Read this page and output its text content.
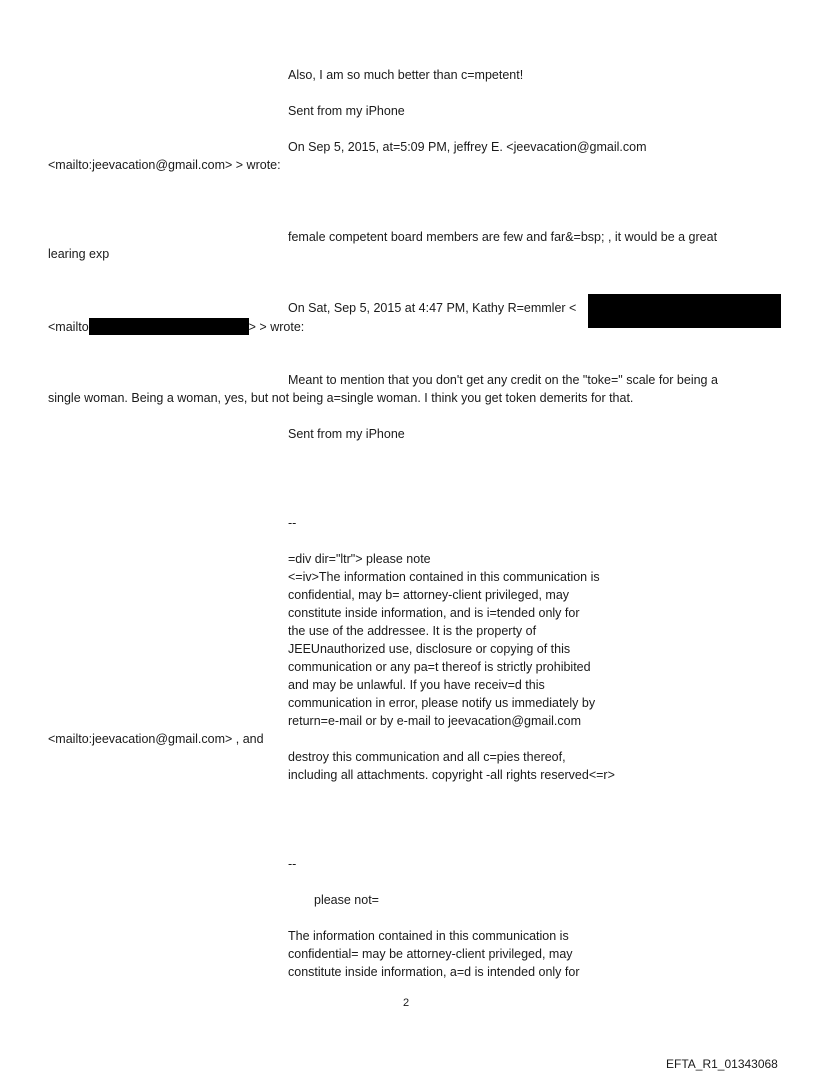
Also, I am so much better than c=mpetent!
Sent from my iPhone
On Sep 5, 2015, at=5:09 PM, jeffrey E. <jeevacation@gmail.com
<mailto:jeevacation@gmail.com> > wrote:
female competent board members are few and far&=bsp; , it would be a great
learing exp
On Sat, Sep 5, 2015 at 4:47 PM, Kathy R=emmler <
<mailto	> > wrote:
Meant to mention that you don't get any credit on the "toke=" scale for being a
single woman. Being a woman, yes, but not being a=single woman. I think you get token demerits for that.
Sent from my iPhone
--
=div dir="ltr"> please note
<=iv>The information contained in this communication is
confidential, may b= attorney-client privileged, may
constitute inside information, and is i=tended only for
the use of the addressee. It is the property of
JEEUnauthorized use, disclosure or copying of this
communication or any pa=t thereof is strictly prohibited
and may be unlawful. If you have receiv=d this
communication in error, please notify us immediately by
return=e-mail or by e-mail to jeevacation@gmail.com
<mailto:jeevacation@gmail.com> , and
destroy this communication and all c=pies thereof,
including all attachments. copyright -all rights reserved<=r>
--
please not=
The information contained in this communication is
confidential= may be attorney-client privileged, may
constitute inside information, a=d is intended only for
2
EFTA_R1_01343068
